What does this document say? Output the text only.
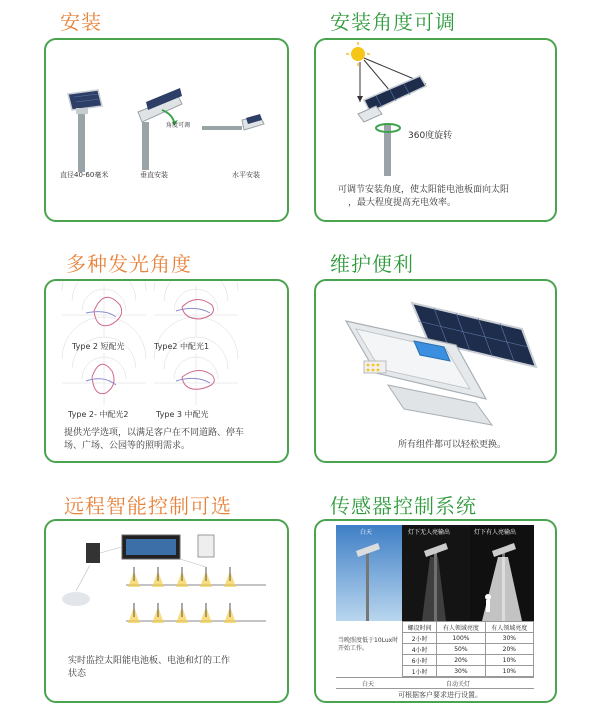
安装
角度可调
直径40-60毫米	垂直安装	水平安装
安装角度可调
360度旋转
可调节安装角度，使太阳能电池板面向太阳
，最大程度提高充电效率。
多种发光角度
Type 2 短配光	Type2 中配光1
Type 2- 中配光2	Type 3 中配光
提供光学选项，以满足客户在不同道路、停车
场、广场、公园等的照明需求。
维护便利
所有组件都可以轻松更换。
远程智能控制可选
实时监控太阳能电池板、电池和灯的工作
状态
传感器控制系统
白天	灯下无人亮输出	灯下有人亮输出
当晚照度低于10Lux时开始工作。
螺设时间	有人领域亮度	有人领域亮度
2小时	100%	30%
4小时	50%	20%
6小时	20%	10%
1小时	30%	10%
白天	自动关灯
可根据客户要求进行设置。
